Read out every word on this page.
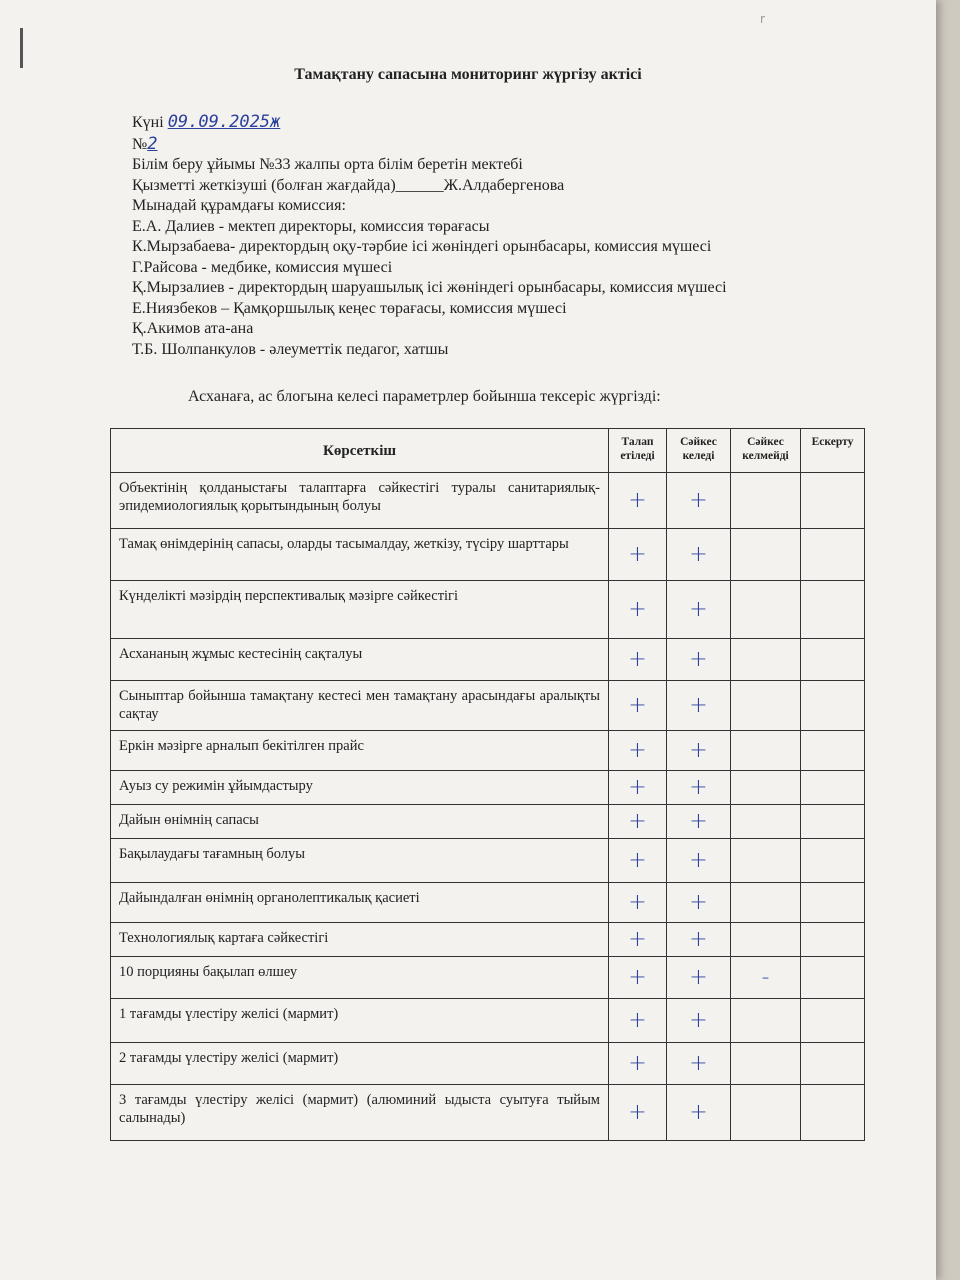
r
Тамақтану сапасына мониторинг жүргізу актісі
Күні 09.09.2025ж
№2
Білім беру ұйымы №33 жалпы орта білім беретін мектебі
Қызметті жеткізуші (болған жағдайда)______Ж.Алдабергенова
Мынадай құрамдағы комиссия:
Е.А. Далиев - мектеп директоры, комиссия төрағасы
К.Мырзабаева- директордың оқу-тәрбие ісі жөніндегі орынбасары, комиссия мүшесі
Г.Райсова - медбике, комиссия мүшесі
Қ.Мырзалиев - директордың шаруашылық ісі жөніндегі орынбасары, комиссия мүшесі
Е.Ниязбеков – Қамқоршылық кеңес төрағасы, комиссия мүшесі
Қ.Акимов ата-ана
Т.Б. Шолпанкулов - әлеуметтік педагог, хатшы
Асханаға, ас блогына келесі параметрлер бойынша тексеріс жүргізді:
Көрсеткіш	Талап етіледі	Сәйкес келеді	Сәйкес келмейді	Ескерту
Объектінің қолданыстағы талаптарға сәйкестігі туралы санитариялық-эпидемиологиялық қорытындының болуы	+	+		
Тамақ өнімдерінің сапасы, оларды тасымалдау, жеткізу, түсіру шарттары	+	+		
Күнделікті мәзірдің перспективалық мәзірге сәйкестігі	+	+		
Асхананың жұмыс кестесінің сақталуы	+	+		
Сыныптар бойынша тамақтану кестесі мен тамақтану арасындағы аралықты сақтау	+	+		
Еркін мәзірге арналып бекітілген прайс	+	+		
Ауыз су режимін ұйымдастыру	+	+		
Дайын өнімнің сапасы	+	+		
Бақылаудағы тағамның болуы	+	+		
Дайындалған өнімнің органолептикалық қасиеті	+	+		
Технологиялық картаға сәйкестігі	+	+		
10 порцияны бақылап өлшеу	+	+	-	
1 тағамды үлестіру желісі (мармит)	+	+		
2 тағамды үлестіру желісі (мармит)	+	+		
3 тағамды үлестіру желісі (мармит) (алюминий ыдыста суытуға тыйым салынады)	+	+		
